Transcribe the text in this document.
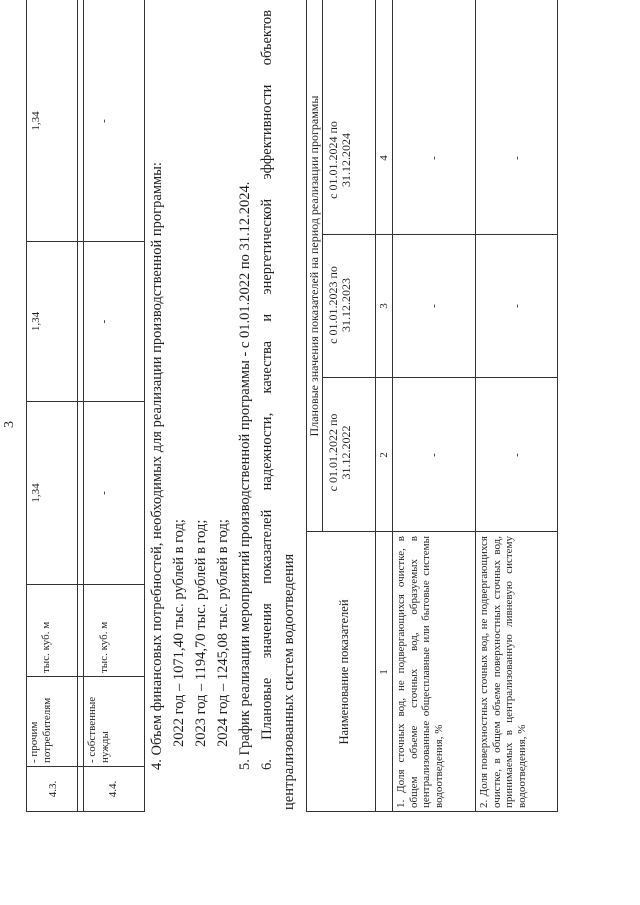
3
4.3.
- прочим потребителям
тыс. куб. м
1,34
1,34
1,34
4.4.
- собственные нужды
тыс. куб. м
-
-
-
4. Объем финансовых потребностей, необходимых для реализации производственной программы: 2022 год – 1071,40 тыс. рублей в год; 2023 год – 1194,70 тыс. рублей в год; 2024 год – 1245,08 тыс. рублей в год; 5. График реализации мероприятий производственной программы - с 01.01.2022 по 31.12.2024. 6. Плановые значения показателей надежности, качества и энергетической эффективности объектов централизованных систем водоотведения	Наименование показателей
Плановые значения показателей на период реализации программы
с 01.01.2022 по 31.12.2022
с 01.01.2023 по 31.12.2023
с 01.01.2024 по 31.12.2024
1
2
3
4
1. Доля сточных вод, не подвергающихся очистке, в общем объеме сточных вод, образуемых в централизованные общесплавные или бытовые системы водоотведения, %
-
-
-
2. Доля поверхностных сточных вод, не подвергающихся очистке, в общем объеме поверхностных сточных вод, принимаемых в централизованную ливневую систему водоотведения, %
-
-
-
